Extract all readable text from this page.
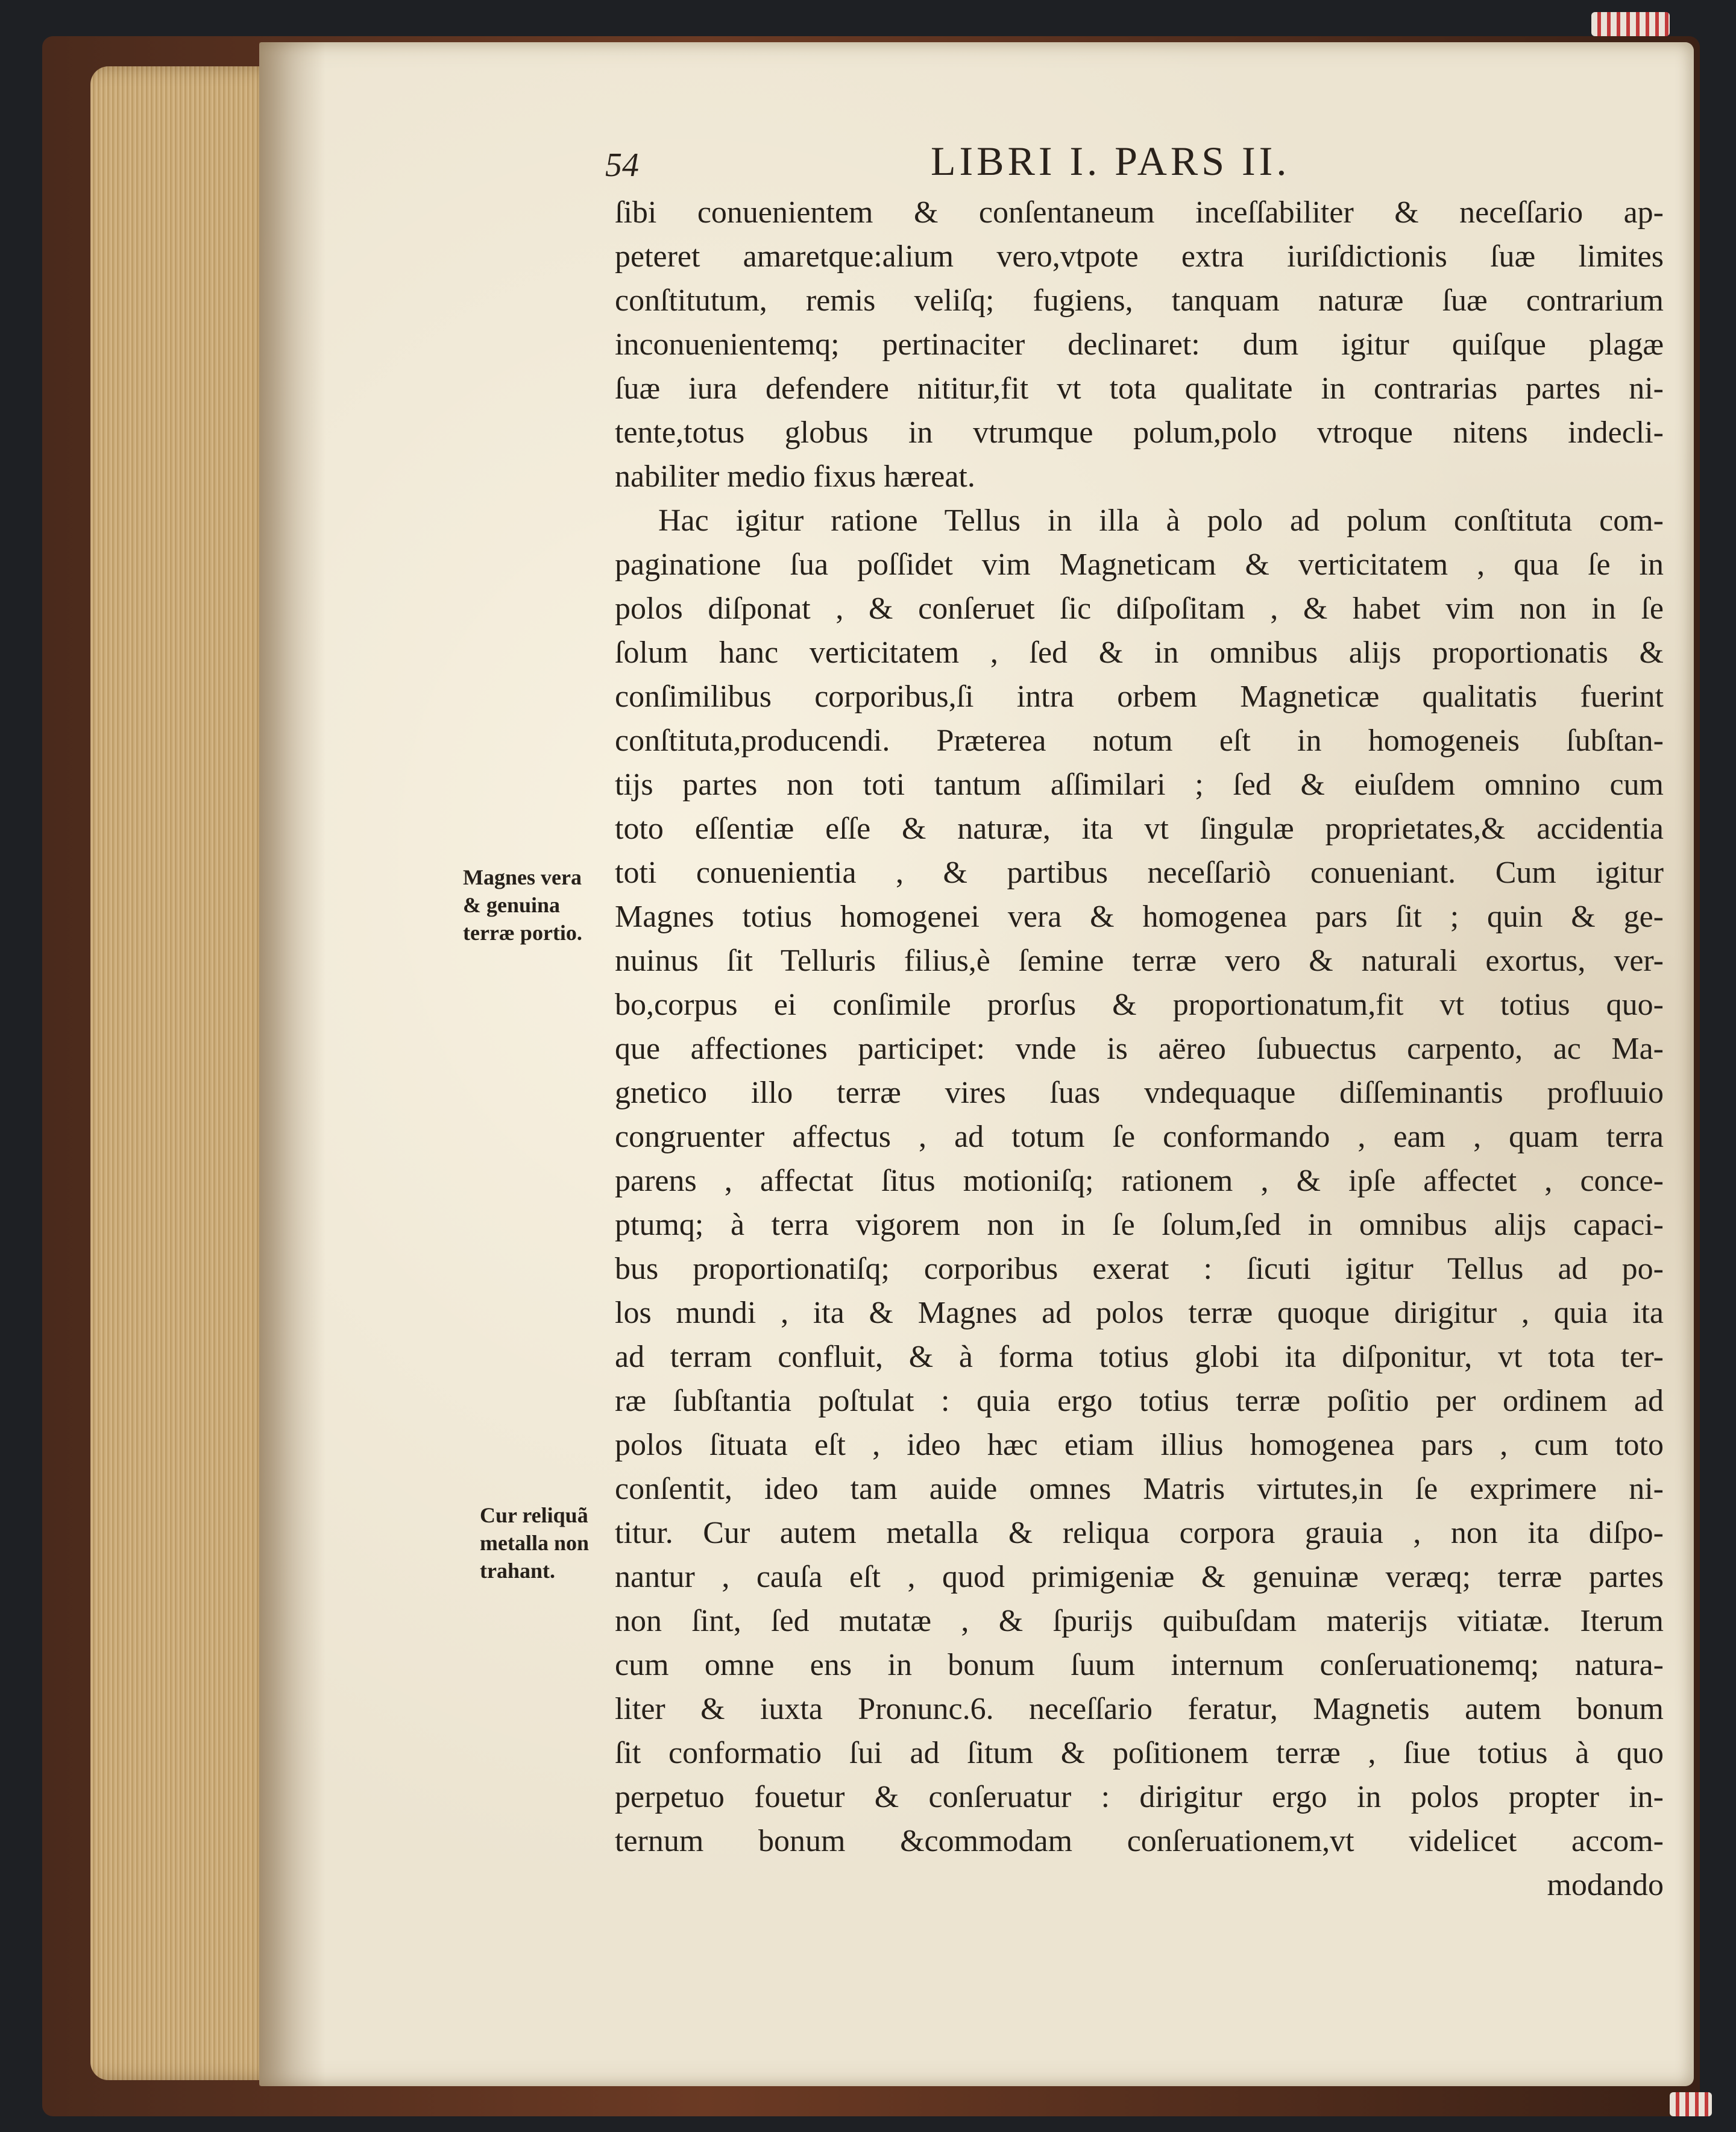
54	LIBRI I. PARS II.
Magnes vera
& genuina
terræ portio.
Cur reliquã
metalla non
trahant.
ſibi conuenientem & conſentaneum inceſſabiliter & neceſſario ap-
peteret amaretque:alium vero,vtpote extra iuriſdictionis ſuæ limites
conſtitutum, remis veliſq; fugiens, tanquam naturæ ſuæ contrarium
inconuenientemq; pertinaciter declinaret: dum igitur quiſque plagæ
ſuæ iura defendere nititur,fit vt tota qualitate in contrarias partes ni-
tente,totus globus in vtrumque polum,polo vtroque nitens indecli-
nabiliter medio fixus hæreat.
Hac igitur ratione Tellus in illa à polo ad polum conſtituta com-
paginatione ſua poſſidet vim Magneticam & verticitatem , qua ſe in
polos diſponat , & conſeruet ſic diſpoſitam , & habet vim non in ſe
ſolum hanc verticitatem , ſed & in omnibus alijs proportionatis &
conſimilibus corporibus,ſi intra orbem Magneticæ qualitatis fuerint
conſtituta,producendi. Præterea notum eſt in homogeneis ſubſtan-
tijs partes non toti tantum aſſimilari ; ſed & eiuſdem omnino cum
toto eſſentiæ eſſe & naturæ, ita vt ſingulæ proprietates,& accidentia
toti conuenientia , & partibus neceſſariò conueniant. Cum igitur
Magnes totius homogenei vera & homogenea pars ſit ; quin & ge-
nuinus ſit Telluris filius,è ſemine terræ vero & naturali exortus, ver-
bo,corpus ei conſimile prorſus & proportionatum,fit vt totius quo-
que affectiones participet: vnde is aëreo ſubuectus carpento, ac Ma-
gnetico illo terræ vires ſuas vndequaque diſſeminantis profluuio
congruenter affectus , ad totum ſe conformando , eam , quam terra
parens , affectat ſitus motioniſq; rationem , & ipſe affectet , conce-
ptumq; à terra vigorem non in ſe ſolum,ſed in omnibus alijs capaci-
bus proportionatiſq; corporibus exerat : ſicuti igitur Tellus ad po-
los mundi , ita & Magnes ad polos terræ quoque dirigitur , quia ita
ad terram confluit, & à forma totius globi ita diſponitur, vt tota ter-
ræ ſubſtantia poſtulat : quia ergo totius terræ poſitio per ordinem ad
polos ſituata eſt , ideo hæc etiam illius homogenea pars , cum toto
conſentit, ideo tam auide omnes Matris virtutes,in ſe exprimere ni-
titur. Cur autem metalla & reliqua corpora grauia , non ita diſpo-
nantur , cauſa eſt , quod primigeniæ & genuinæ veræq; terræ partes
non ſint, ſed mutatæ , & ſpurijs quibuſdam materijs vitiatæ. Iterum
cum omne ens in bonum ſuum internum conſeruationemq; natura-
liter & iuxta Pronunc.6. neceſſario feratur, Magnetis autem bonum
ſit conformatio ſui ad ſitum & poſitionem terræ , ſiue totius à quo
perpetuo fouetur & conſeruatur : dirigitur ergo in polos propter in-
ternum bonum &commodam conſeruationem,vt videlicet accom-
modando
